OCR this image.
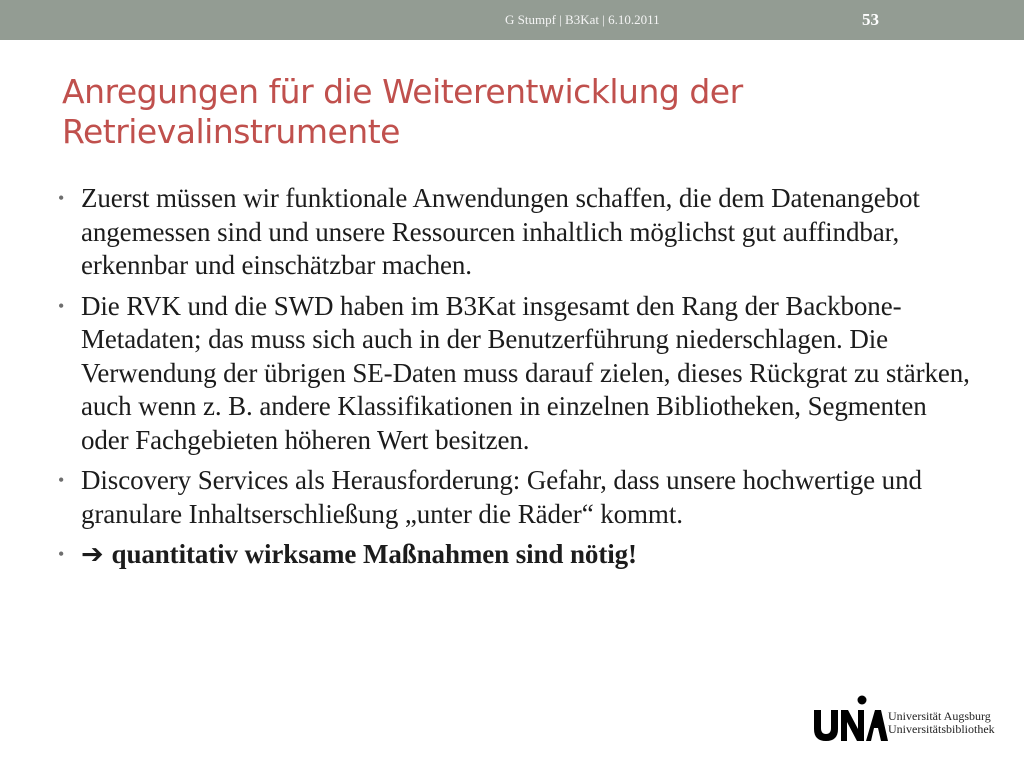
G Stumpf | B3Kat | 6.10.2011	53
Anregungen für die Weiterentwicklung der
Retrievalinstrumente
• Zuerst müssen wir funktionale Anwendungen schaffen, die dem Datenangebot angemessen sind und unsere Ressourcen inhaltlich möglichst gut auffindbar, erkennbar und einschätzbar machen.
• Die RVK und die SWD haben im B3Kat insgesamt den Rang der Backbone-Metadaten; das muss sich auch in der Benutzerführung niederschlagen. Die Verwendung der übrigen SE-Daten muss darauf zielen, dieses Rückgrat zu stärken, auch wenn z. B. andere Klassifikationen in einzelnen Bibliotheken, Segmenten oder Fachgebieten höheren Wert besitzen.
• Discovery Services als Herausforderung: Gefahr, dass unsere hochwertige und granulare Inhaltserschließung „unter die Räder“ kommt.
• ➔ quantitativ wirksame Maßnahmen sind nötig!
Universität Augsburg
Universitätsbibliothek
